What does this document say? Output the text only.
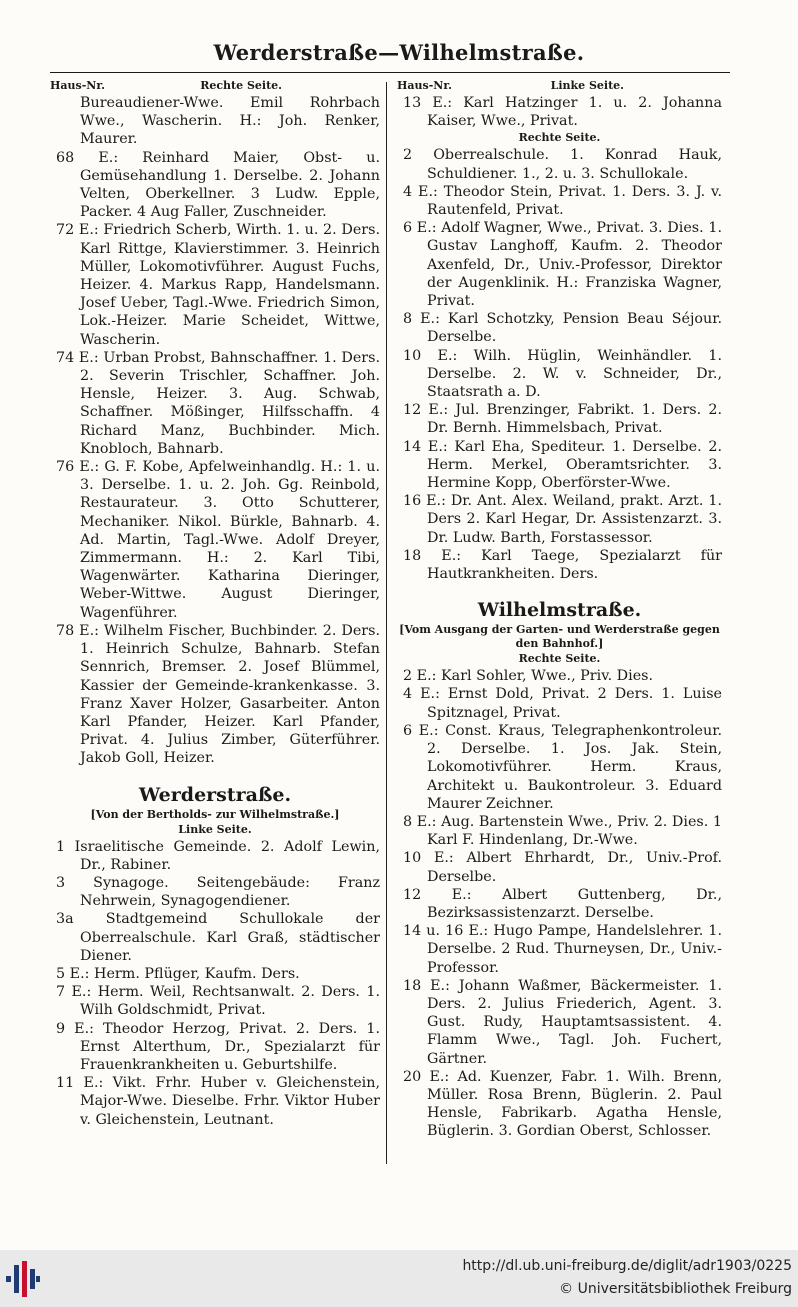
Werderstraße—Wilhelmstraße.
Haus-Nr.	Rechte Seite.
Bureaudiener-Wwe. Emil Rohrbach Wwe., Wascherin. H.: Joh. Renker, Maurer.
68 E.: Reinhard Maier, Obst- u. Gemüsehandlung 1. Derselbe. 2. Johann Velten, Oberkellner. 3 Ludw. Epple, Packer. 4 Aug Faller, Zuschneider.
72 E.: Friedrich Scherb, Wirth. 1. u. 2. Ders. Karl Rittge, Klavierstimmer. 3. Heinrich Müller, Lokomotivführer. August Fuchs, Heizer. 4. Markus Rapp, Handelsmann. Josef Ueber, Tagl.-Wwe. Friedrich Simon, Lok.-Heizer. Marie Scheidet, Wittwe, Wascherin.
74 E.: Urban Probst, Bahnschaffner. 1. Ders. 2. Severin Trischler, Schaffner. Joh. Hensle, Heizer. 3. Aug. Schwab, Schaffner. Mößinger, Hilfsschaffn. 4 Richard Manz, Buchbinder. Mich. Knobloch, Bahnarb.
76 E.: G. F. Kobe, Apfelweinhandlg. H.: 1. u. 3. Derselbe. 1. u. 2. Joh. Gg. Reinbold, Restaurateur. 3. Otto Schutterer, Mechaniker. Nikol. Bürkle, Bahnarb. 4. Ad. Martin, Tagl.-Wwe. Adolf Dreyer, Zimmermann. H.: 2. Karl Tibi, Wagenwärter. Katharina Dieringer, Weber-Wittwe. August Dieringer, Wagenführer.
78 E.: Wilhelm Fischer, Buchbinder. 2. Ders. 1. Heinrich Schulze, Bahnarb. Stefan Sennrich, Bremser. 2. Josef Blümmel, Kassier der Gemeinde-krankenkasse. 3. Franz Xaver Holzer, Gasarbeiter. Anton Karl Pfander, Heizer. Karl Pfander, Privat. 4. Julius Zimber, Güterführer. Jakob Goll, Heizer.
Werderstraße.
[Von der Bertholds- zur Wilhelmstraße.]
Linke Seite.
1 Israelitische Gemeinde. 2. Adolf Lewin, Dr., Rabiner.
3 Synagoge. Seitengebäude: Franz Nehrwein, Synagogendiener.
3a Stadtgemeind Schullokale der Oberrealschule. Karl Graß, städtischer Diener.
5 E.: Herm. Pflüger, Kaufm. Ders.
7 E.: Herm. Weil, Rechtsanwalt. 2. Ders. 1. Wilh Goldschmidt, Privat.
9 E.: Theodor Herzog, Privat. 2. Ders. 1. Ernst Alterthum, Dr., Spezialarzt für Frauenkrankheiten u. Geburtshilfe.
11 E.: Vikt. Frhr. Huber v. Gleichenstein, Major-Wwe. Dieselbe. Frhr. Viktor Huber v. Gleichenstein, Leutnant.
Haus-Nr.	Linke Seite.
13 E.: Karl Hatzinger 1. u. 2. Johanna Kaiser, Wwe., Privat.
Rechte Seite.
2 Oberrealschule. 1. Konrad Hauk, Schuldiener. 1., 2. u. 3. Schullokale.
4 E.: Theodor Stein, Privat. 1. Ders. 3. J. v. Rautenfeld, Privat.
6 E.: Adolf Wagner, Wwe., Privat. 3. Dies. 1. Gustav Langhoff, Kaufm. 2. Theodor Axenfeld, Dr., Univ.-Professor, Direktor der Augenklinik. H.: Franziska Wagner, Privat.
8 E.: Karl Schotzky, Pension Beau Séjour. Derselbe.
10 E.: Wilh. Hüglin, Weinhändler. 1. Derselbe. 2. W. v. Schneider, Dr., Staatsrath a. D.
12 E.: Jul. Brenzinger, Fabrikt. 1. Ders. 2. Dr. Bernh. Himmelsbach, Privat.
14 E.: Karl Eha, Spediteur. 1. Derselbe. 2. Herm. Merkel, Oberamtsrichter. 3. Hermine Kopp, Oberförster-Wwe.
16 E.: Dr. Ant. Alex. Weiland, prakt. Arzt. 1. Ders 2. Karl Hegar, Dr. Assistenzarzt. 3. Dr. Ludw. Barth, Forstassessor.
18 E.: Karl Taege, Spezialarzt für Hautkrankheiten. Ders.
Wilhelmstraße.
[Vom Ausgang der Garten- und Werderstraße gegen den Bahnhof.]
Rechte Seite.
2 E.: Karl Sohler, Wwe., Priv. Dies.
4 E.: Ernst Dold, Privat. 2 Ders. 1. Luise Spitznagel, Privat.
6 E.: Const. Kraus, Telegraphenkontroleur. 2. Derselbe. 1. Jos. Jak. Stein, Lokomotivführer. Herm. Kraus, Architekt u. Baukontroleur. 3. Eduard Maurer Zeichner.
8 E.: Aug. Bartenstein Wwe., Priv. 2. Dies. 1 Karl F. Hindenlang, Dr.-Wwe.
10 E.: Albert Ehrhardt, Dr., Univ.-Prof. Derselbe.
12 E.: Albert Guttenberg, Dr., Bezirksassistenzarzt. Derselbe.
14 u. 16 E.: Hugo Pampe, Handelslehrer. 1. Derselbe. 2 Rud. Thurneysen, Dr., Univ.-Professor.
18 E.: Johann Waßmer, Bäckermeister. 1. Ders. 2. Julius Friederich, Agent. 3. Gust. Rudy, Hauptamtsassistent. 4. Flamm Wwe., Tagl. Joh. Fuchert, Gärtner.
20 E.: Ad. Kuenzer, Fabr. 1. Wilh. Brenn, Müller. Rosa Brenn, Büglerin. 2. Paul Hensle, Fabrikarb. Agatha Hensle, Büglerin. 3. Gordian Oberst, Schlosser.
http://dl.ub.uni-freiburg.de/diglit/adr1903/0225
© Universitätsbibliothek Freiburg
